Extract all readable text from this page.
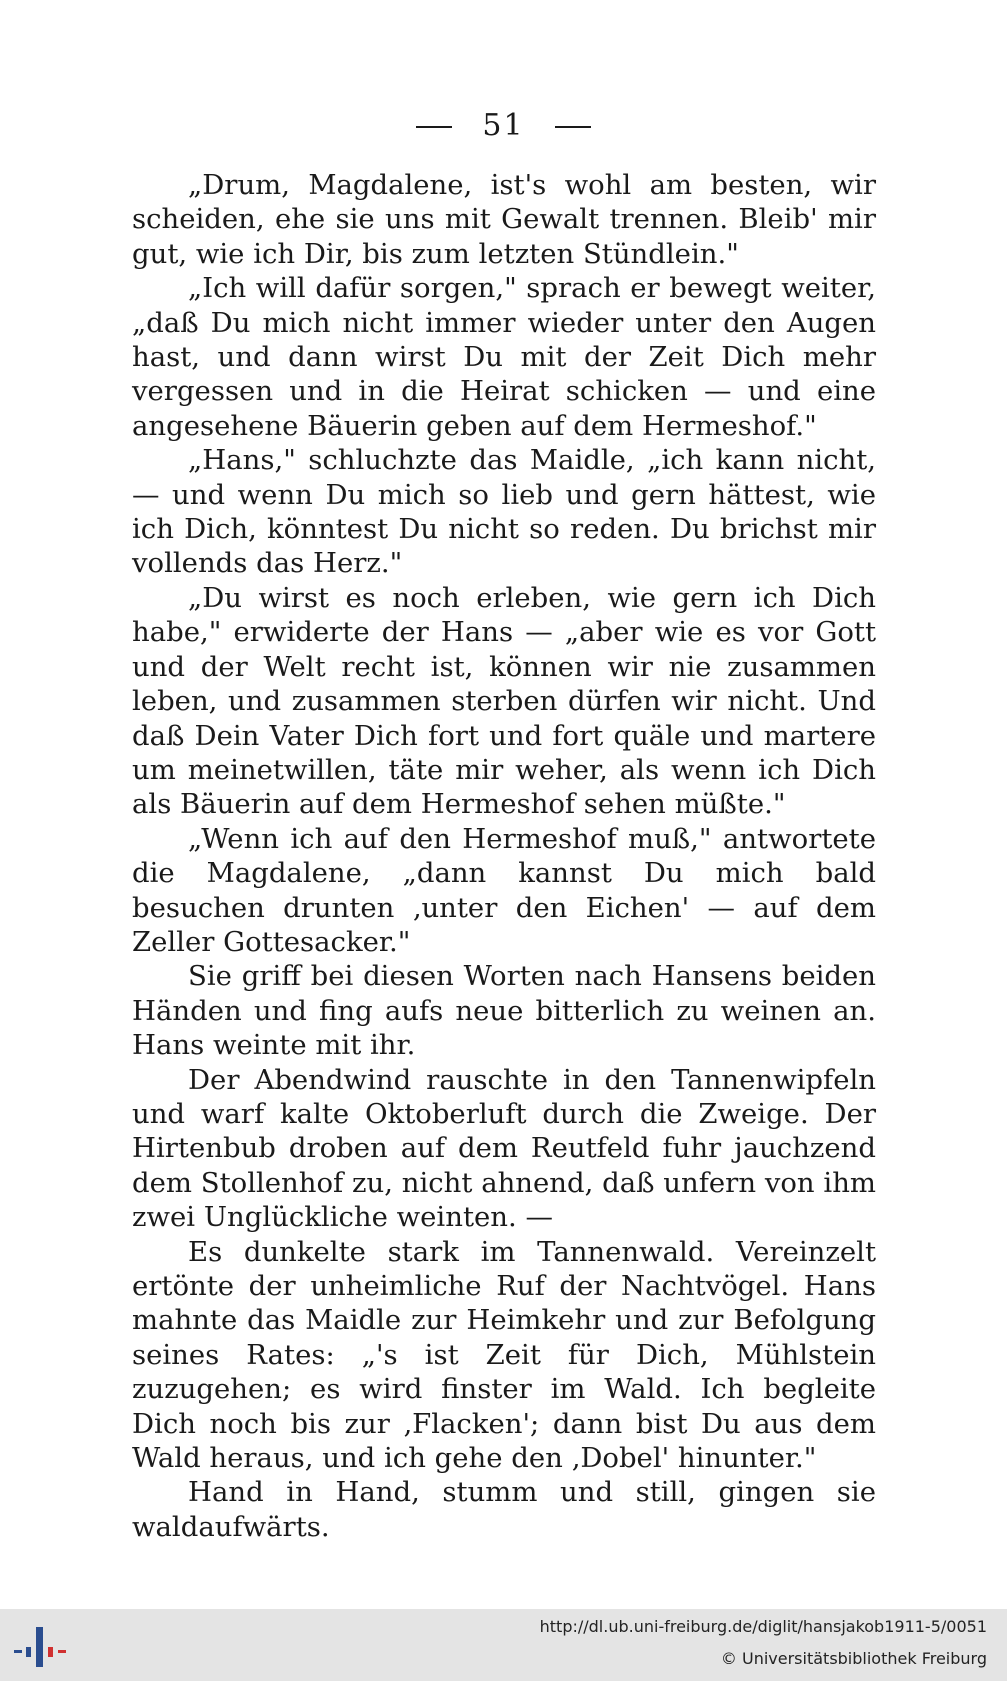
51

„Drum, Magdalene, ist's wohl am besten, wir scheiden, ehe sie uns mit Gewalt trennen. Bleib' mir gut, wie ich Dir, bis zum letzten Stündlein."

„Ich will dafür sorgen," sprach er bewegt weiter, „daß Du mich nicht immer wieder unter den Augen hast, und dann wirst Du mit der Zeit Dich mehr vergessen und in die Heirat schicken — und eine angesehene Bäuerin geben auf dem Hermeshof."

„Hans," schluchzte das Maidle, „ich kann nicht, — und wenn Du mich so lieb und gern hättest, wie ich Dich, könntest Du nicht so reden. Du brichst mir vollends das Herz."

„Du wirst es noch erleben, wie gern ich Dich habe," erwiderte der Hans — „aber wie es vor Gott und der Welt recht ist, können wir nie zusammen leben, und zusammen sterben dürfen wir nicht. Und daß Dein Vater Dich fort und fort quäle und martere um meinetwillen, täte mir weher, als wenn ich Dich als Bäuerin auf dem Hermeshof sehen müßte."

„Wenn ich auf den Hermeshof muß," antwortete die Magdalene, „dann kannst Du mich bald besuchen drunten ‚unter den Eichen' — auf dem Zeller Gottesacker."

Sie griff bei diesen Worten nach Hansens beiden Händen und fing aufs neue bitterlich zu weinen an. Hans weinte mit ihr.

Der Abendwind rauschte in den Tannenwipfeln und warf kalte Oktoberluft durch die Zweige. Der Hirtenbub droben auf dem Reutfeld fuhr jauchzend dem Stollenhof zu, nicht ahnend, daß unfern von ihm zwei Unglückliche weinten. —

Es dunkelte stark im Tannenwald. Vereinzelt ertönte der unheimliche Ruf der Nachtvögel. Hans mahnte das Maidle zur Heimkehr und zur Befolgung seines Rates: „'s ist Zeit für Dich, Mühlstein zuzugehen; es wird finster im Wald. Ich begleite Dich noch bis zur ‚Flacken'; dann bist Du aus dem Wald heraus, und ich gehe den ‚Dobel' hinunter."

Hand in Hand, stumm und still, gingen sie waldaufwärts.

http://dl.ub.uni-freiburg.de/diglit/hansjakob1911-5/0051
© Universitätsbibliothek Freiburg
